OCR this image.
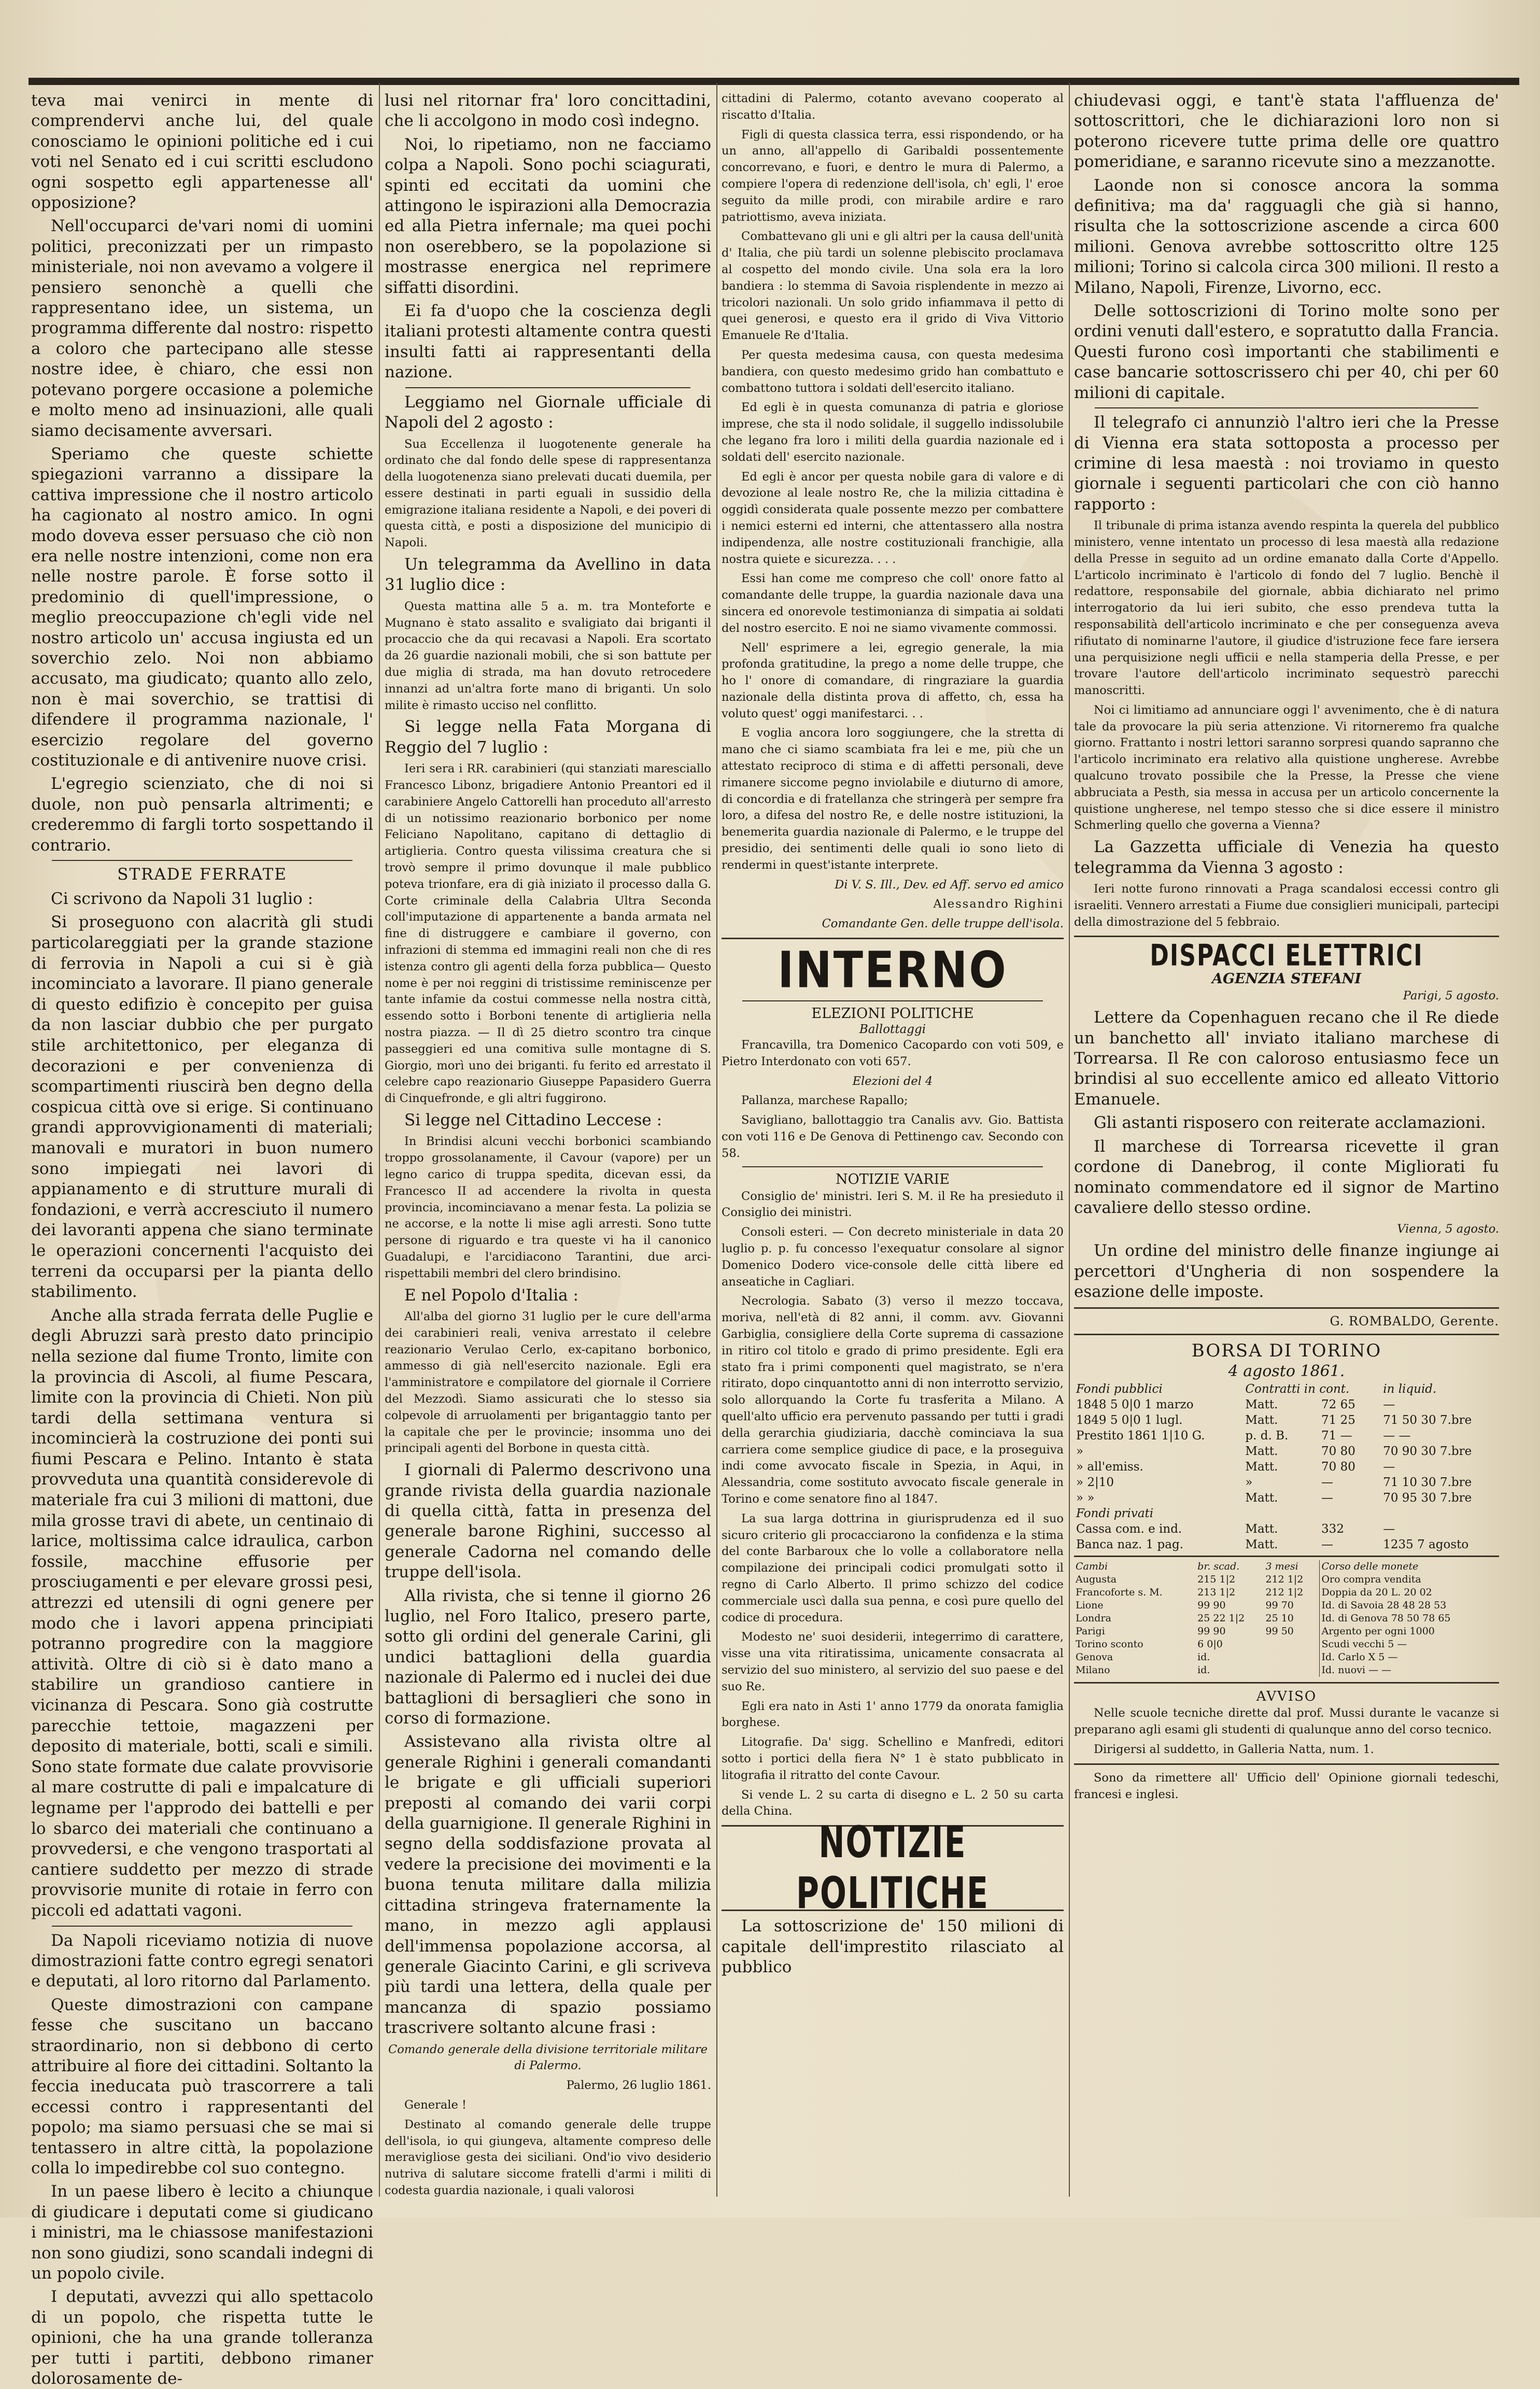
teva mai venirci in mente di comprendervi anche lui, del quale conosciamo le opinioni politiche ed i cui voti nel Senato ed i cui scritti escludono ogni sospetto egli appartenesse all' opposizione?

Nell'occuparci de'vari nomi di uomini politici, preconizzati per un rimpasto ministeriale, noi non avevamo a volgere il pensiero senonchè a quelli che rappresentano idee, un sistema, un programma differente dal nostro: rispetto a coloro che partecipano alle stesse nostre idee, è chiaro, che essi non potevano porgere occasione a polemiche e molto meno ad insinuazioni, alle quali siamo decisamente avversari.

Speriamo che queste schiette spiegazioni varranno a dissipare la cattiva impressione che il nostro articolo ha cagionato al nostro amico. In ogni modo doveva esser persuaso che ciò non era nelle nostre intenzioni, come non era nelle nostre parole. È forse sotto il predominio di quell'impressione, o meglio preoccupazione ch'egli vide nel nostro articolo un' accusa ingiusta ed un soverchio zelo. Noi non abbiamo accusato, ma giudicato; quanto allo zelo, non è mai soverchio, se trattisi di difendere il programma nazionale, l' esercizio regolare del governo costituzionale e di antivenire nuove crisi.

L'egregio scienziato, che di noi si duole, non può pensarla altrimenti; e crederemmo di fargli torto sospettando il contrario.

STRADE FERRATE

Ci scrivono da Napoli 31 luglio :

Si proseguono con alacrità gli studi particolareggiati per la grande stazione di ferrovia in Napoli a cui si è già incominciato a lavorare. Il piano generale di questo edifizio è concepito per guisa da non lasciar dubbio che per purgato stile architettonico, per eleganza di decorazioni e per convenienza di scompartimenti riuscirà ben degno della cospicua città ove si erige. Si continuano grandi approvvigionamenti di materiali; manovali e muratori in buon numero sono impiegati nei lavori di appianamento e di strutture murali di fondazioni, e verrà accresciuto il numero dei lavoranti appena che siano terminate le operazioni concernenti l'acquisto dei terreni da occuparsi per la pianta dello stabilimento.

Anche alla strada ferrata delle Puglie e degli Abruzzi sarà presto dato principio nella sezione dal fiume Tronto, limite con la provincia di Ascoli, al fiume Pescara, limite con la provincia di Chieti. Non più tardi della settimana ventura si incomincierà la costruzione dei ponti sui fiumi Pescara e Pelino. Intanto è stata provveduta una quantità considerevole di materiale fra cui 3 milioni di mattoni, due mila grosse travi di abete, un centinaio di larice, moltissima calce idraulica, carbon fossile, macchine effusorie per prosciugamenti e per elevare grossi pesi, attrezzi ed utensili di ogni genere per modo che i lavori appena principiati potranno progredire con la maggiore attività. Oltre di ciò si è dato mano a stabilire un grandioso cantiere in vicinanza di Pescara. Sono già costrutte parecchie tettoie, magazzeni per deposito di materiale, botti, scali e simili. Sono state formate due calate provvisorie al mare costrutte di pali e impalcature di legname per l'approdo dei battelli e per lo sbarco dei materiali che continuano a provvedersi, e che vengono trasportati al cantiere suddetto per mezzo di strade provvisorie munite di rotaie in ferro con piccoli ed adattati vagoni.

Da Napoli riceviamo notizia di nuove dimostrazioni fatte contro egregi senatori e deputati, al loro ritorno dal Parlamento.

Queste dimostrazioni con campane fesse che suscitano un baccano straordinario, non si debbono di certo attribuire al fiore dei cittadini. Soltanto la feccia ineducata può trascorrere a tali eccessi contro i rappresentanti del popolo; ma siamo persuasi che se mai si tentassero in altre città, la popolazione colla lo impedirebbe col suo contegno.

In un paese libero è lecito a chiunque di giudicare i deputati come si giudicano i ministri, ma le chiassose manifestazioni non sono giudizi, sono scandali indegni di un popolo civile.

I deputati, avvezzi qui allo spettacolo di un popolo, che rispetta tutte le opinioni, che ha una grande tolleranza per tutti i partiti, debbono rimaner dolorosamente de-

lusi nel ritornar fra' loro concittadini, che li accolgono in modo così indegno.

Noi, lo ripetiamo, non ne facciamo colpa a Napoli. Sono pochi sciagurati, spinti ed eccitati da uomini che attingono le ispirazioni alla Democrazia ed alla Pietra infernale; ma quei pochi non oserebbero, se la popolazione si mostrasse energica nel reprimere siffatti disordini.

Ei fa d'uopo che la coscienza degli italiani protesti altamente contra questi insulti fatti ai rappresentanti della nazione.

Leggiamo nel Giornale ufficiale di Napoli del 2 agosto :

Sua Eccellenza il luogotenente generale ha ordinato che dal fondo delle spese di rappresentanza della luogotenenza siano prelevati ducati duemila, per essere destinati in parti eguali in sussidio della emigrazione italiana residente a Napoli, e dei poveri di questa città, e posti a disposizione del municipio di Napoli.

Un telegramma da Avellino in data 31 luglio dice :

Questa mattina alle 5 a. m. tra Monteforte e Mugnano è stato assalito e svaligiato dai briganti il procaccio che da qui recavasi a Napoli. Era scortato da 26 guardie nazionali mobili, che si son battute per due miglia di strada, ma han dovuto retrocedere innanzi ad un'altra forte mano di briganti. Un solo milite è rimasto ucciso nel conflitto.

Si legge nella Fata Morgana di Reggio del 7 luglio :

Ieri sera i RR. carabinieri (qui stanziati maresciallo Francesco Libonz, brigadiere Antonio Preantori ed il carabiniere Angelo Cattorelli han proceduto all'arresto di un notissimo reazionario borbonico per nome Feliciano Napolitano, capitano di dettaglio di artiglieria. Contro questa vilissima creatura che si trovò sempre il primo dovunque il male pubblico poteva trionfare, era di già iniziato il processo dalla G. Corte criminale della Calabria Ultra Seconda coll'imputazione di appartenente a banda armata nel fine di distruggere e cambiare il governo, con infrazioni di stemma ed immagini reali non che di res istenza contro gli agenti della forza pubblica— Questo nome è per noi reggini di tristissime reminiscenze per tante infamie da costui commesse nella nostra città, essendo sotto i Borboni tenente di artiglieria nella nostra piazza. — Il dì 25 dietro scontro tra cinque passeggieri ed una comitiva sulle montagne di S. Giorgio, morì uno dei briganti. fu ferito ed arrestato il celebre capo reazionario Giuseppe Papasidero Guerra di Cinquefronde, e gli altri fuggirono.

Si legge nel Cittadino Leccese :

In Brindisi alcuni vecchi borbonici scambiando troppo grossolanamente, il Cavour (vapore) per un legno carico di truppa spedita, dicevan essi, da Francesco II ad accendere la rivolta in questa provincia, incominciavano a menar festa. La polizia se ne accorse, e la notte li mise agli arresti. Sono tutte persone di riguardo e tra queste vi ha il canonico Guadalupi, e l'arcidiacono Tarantini, due arci-rispettabili membri del clero brindisino.

E nel Popolo d'Italia :

All'alba del giorno 31 luglio per le cure dell'arma dei carabinieri reali, veniva arrestato il celebre reazionario Verulao Cerlo, ex-capitano borbonico, ammesso di già nell'esercito nazionale. Egli era l'amministratore e compilatore del giornale il Corriere del Mezzodì. Siamo assicurati che lo stesso sia colpevole di arruolamenti per brigantaggio tanto per la capitale che per le provincie; insomma uno dei principali agenti del Borbone in questa città.

I giornali di Palermo descrivono una grande rivista della guardia nazionale di quella città, fatta in presenza del generale barone Righini, successo al generale Cadorna nel comando delle truppe dell'isola.

Alla rivista, che si tenne il giorno 26 luglio, nel Foro Italico, presero parte, sotto gli ordini del generale Carini, gli undici battaglioni della guardia nazionale di Palermo ed i nuclei dei due battaglioni di bersaglieri che sono in corso di formazione.

Assistevano alla rivista oltre al generale Righini i generali comandanti le brigate e gli ufficiali superiori preposti al comando dei varii corpi della guarnigione. Il generale Righini in segno della soddisfazione provata al vedere la precisione dei movimenti e la buona tenuta militare dalla milizia cittadina stringeva fraternamente la mano, in mezzo agli applausi dell'immensa popolazione accorsa, al generale Giacinto Carini, e gli scriveva più tardi una lettera, della quale per mancanza di spazio possiamo trascrivere soltanto alcune frasi :

Comando generale della divisione territoriale militare di Palermo.

Palermo, 26 luglio 1861.

Generale !

Destinato al comando generale delle truppe dell'isola, io qui giungeva, altamente compreso delle meravigliose gesta dei siciliani. Ond'io vivo desiderio nutriva di salutare siccome fratelli d'armi i militi di codesta guardia nazionale, i quali valorosi

cittadini di Palermo, cotanto avevano cooperato al riscatto d'Italia.

Figli di questa classica terra, essi rispondendo, or ha un anno, all'appello di Garibaldi possentemente concorrevano, e fuori, e dentro le mura di Palermo, a compiere l'opera di redenzione dell'isola, ch' egli, l' eroe seguito da mille prodi, con mirabile ardire e raro patriottismo, aveva iniziata.

Combattevano gli uni e gli altri per la causa dell'unità d' Italia, che più tardi un solenne plebiscito proclamava al cospetto del mondo civile. Una sola era la loro bandiera : lo stemma di Savoia risplendente in mezzo ai tricolori nazionali. Un solo grido infiammava il petto di quei generosi, e questo era il grido di Viva Vittorio Emanuele Re d'Italia.

Per questa medesima causa, con questa medesima bandiera, con questo medesimo grido han combattuto e combattono tuttora i soldati dell'esercito italiano.

Ed egli è in questa comunanza di patria e gloriose imprese, che sta il nodo solidale, il suggello indissolubile che legano fra loro i militi della guardia nazionale ed i soldati dell' esercito nazionale.

Ed egli è ancor per questa nobile gara di valore e di devozione al leale nostro Re, che la milizia cittadina è oggidì considerata quale possente mezzo per combattere i nemici esterni ed interni, che attentassero alla nostra indipendenza, alle nostre costituzionali franchigie, alla nostra quiete e sicurezza. . . .

Essi han come me compreso che coll' onore fatto al comandante delle truppe, la guardia nazionale dava una sincera ed onorevole testimonianza di simpatia ai soldati del nostro esercito. E noi ne siamo vivamente commossi.

Nell' esprimere a lei, egregio generale, la mia profonda gratitudine, la prego a nome delle truppe, che ho l' onore di comandare, di ringraziare la guardia nazionale della distinta prova di affetto, ch, essa ha voluto quest' oggi manifestarci. . .

E voglia ancora loro soggiungere, che la stretta di mano che ci siamo scambiata fra lei e me, più che un attestato reciproco di stima e di affetti personali, deve rimanere siccome pegno inviolabile e diuturno di amore, di concordia e di fratellanza che stringerà per sempre fra loro, a difesa del nostro Re, e delle nostre istituzioni, la benemerita guardia nazionale di Palermo, e le truppe del presidio, dei sentimenti delle quali io sono lieto di rendermi in quest'istante interprete.

Di V. S. Ill., Dev. ed Aff. servo ed amico

Alessandro Righini

Comandante Gen. delle truppe dell'isola.

INTERNO
ELEZIONI POLITICHE
Ballottaggi

Francavilla, tra Domenico Cacopardo con voti 509, e Pietro Interdonato con voti 657.

Elezioni del 4

Pallanza, marchese Rapallo;

Savigliano, ballottaggio tra Canalis avv. Gio. Battista con voti 116 e De Genova di Pettinengo cav. Secondo con 58.

NOTIZIE VARIE

Consiglio de' ministri. Ieri S. M. il Re ha presieduto il Consiglio dei ministri.

Consoli esteri. — Con decreto ministeriale in data 20 luglio p. p. fu concesso l'exequatur consolare al signor Domenico Dodero vice-console delle città libere ed anseatiche in Cagliari.

Necrologia. Sabato (3) verso il mezzo toccava, moriva, nell'età di 82 anni, il comm. avv. Giovanni Garbiglia, consigliere della Corte suprema di cassazione in ritiro col titolo e grado di primo presidente. Egli era stato fra i primi componenti quel magistrato, se n'era ritirato, dopo cinquantotto anni di non interrotto servizio, solo allorquando la Corte fu trasferita a Milano. A quell'alto ufficio era pervenuto passando per tutti i gradi della gerarchia giudiziaria, dacchè cominciava la sua carriera come semplice giudice di pace, e la proseguiva indi come avvocato fiscale in Spezia, in Aqui, in Alessandria, come sostituto avvocato fiscale generale in Torino e come senatore fino al 1847.

La sua larga dottrina in giurisprudenza ed il suo sicuro criterio gli procacciarono la confidenza e la stima del conte Barbaroux che lo volle a collaboratore nella compilazione dei principali codici promulgati sotto il regno di Carlo Alberto. Il primo schizzo del codice commerciale uscì dalla sua penna, e così pure quello del codice di procedura.

Modesto ne' suoi desiderii, integerrimo di carattere, visse una vita ritiratissima, unicamente consacrata al servizio del suo ministero, al servizio del suo paese e del suo Re.

Egli era nato in Asti 1' anno 1779 da onorata famiglia borghese.

Litografie. Da' sigg. Schellino e Manfredi, editori sotto i portici della fiera N° 1 è stato pubblicato in litografia il ritratto del conte Cavour.

Si vende L. 2 su carta di disegno e L. 2 50 su carta della China.

NOTIZIE POLITICHE

La sottoscrizione de' 150 milioni di capitale dell'imprestito rilasciato al pubblico

chiudevasi oggi, e tant'è stata l'affluenza de' sottoscrittori, che le dichiarazioni loro non si poterono ricevere tutte prima delle ore quattro pomeridiane, e saranno ricevute sino a mezzanotte.

Laonde non si conosce ancora la somma definitiva; ma da' ragguagli che già si hanno, risulta che la sottoscrizione ascende a circa 600 milioni. Genova avrebbe sottoscritto oltre 125 milioni; Torino si calcola circa 300 milioni. Il resto a Milano, Napoli, Firenze, Livorno, ecc.

Delle sottoscrizioni di Torino molte sono per ordini venuti dall'estero, e sopratutto dalla Francia. Questi furono così importanti che stabilimenti e case bancarie sottoscrissero chi per 40, chi per 60 milioni di capitale.

Il telegrafo ci annunziò l'altro ieri che la Presse di Vienna era stata sottoposta a processo per crimine di lesa maestà : noi troviamo in questo giornale i seguenti particolari che con ciò hanno rapporto :

Il tribunale di prima istanza avendo respinta la querela del pubblico ministero, venne intentato un processo di lesa maestà alla redazione della Presse in seguito ad un ordine emanato dalla Corte d'Appello. L'articolo incriminato è l'articolo di fondo del 7 luglio. Benchè il redattore, responsabile del giornale, abbia dichiarato nel primo interrogatorio da lui ieri subito, che esso prendeva tutta la responsabilità dell'articolo incriminato e che per conseguenza aveva rifiutato di nominarne l'autore, il giudice d'istruzione fece fare iersera una perquisizione negli ufficii e nella stamperia della Presse, e per trovare l'autore dell'articolo incriminato sequestrò parecchi manoscritti.

Noi ci limitiamo ad annunciare oggi l' avvenimento, che è di natura tale da provocare la più seria attenzione. Vi ritorneremo fra qualche giorno. Frattanto i nostri lettori saranno sorpresi quando sapranno che l'articolo incriminato era relativo alla quistione ungherese. Avrebbe qualcuno trovato possibile che la Presse, la Presse che viene abbruciata a Pesth, sia messa in accusa per un articolo concernente la quistione ungherese, nel tempo stesso che si dice essere il ministro Schmerling quello che governa a Vienna?

La Gazzetta ufficiale di Venezia ha questo telegramma da Vienna 3 agosto :

Ieri notte furono rinnovati a Praga scandalosi eccessi contro gli israeliti. Vennero arrestati a Fiume due consiglieri municipali, partecipi della dimostrazione del 5 febbraio.

DISPACCI ELETTRICI
AGENZIA STEFANI

Parigi, 5 agosto.

Lettere da Copenhaguen recano che il Re diede un banchetto all' inviato italiano marchese di Torrearsa. Il Re con caloroso entusiasmo fece un brindisi al suo eccellente amico ed alleato Vittorio Emanuele.

Gli astanti risposero con reiterate acclamazioni.

Il marchese di Torrearsa ricevette il gran cordone di Danebrog, il conte Migliorati fu nominato commendatore ed il signor de Martino cavaliere dello stesso ordine.

Vienna, 5 agosto.

Un ordine del ministro delle finanze ingiunge ai percettori d'Ungheria di non sospendere la esazione delle imposte.

G. ROMBALDO, Gerente.
BORSA DI TORINO
4 agosto 1861.
Fondi pubblici	Contratti in cont.		in liquid.
1848 5 0|0 1 marzo	Matt.	72 65	—
1849 5 0|0 1 lugl.	Matt.	71 25	71 50 30 7.bre
Prestito 1861 1|10 G.	p. d. B.	71 —	— —
»	Matt.	70 80	70 90 30 7.bre
» all'emiss.	Matt.	70 80	—
» 2|10	»	—	71 10 30 7.bre
» »	Matt.	—	70 95 30 7.bre
Fondi privati			
Cassa com. e ind.	Matt.	332	—
Banca naz. 1 pag.	Matt.	—	1235 7 agosto
Cambi	br. scad.	3 mesi	Corso delle monete
Augusta	215 1|2	212 1|2	Oro compra vendita
Francoforte s. M.	213 1|2	212 1|2	Doppia da 20 L. 20 02
Lione	99 90	99 70	Id. di Savoia 28 48 28 53
Londra	25 22 1|2	25 10	Id. di Genova 78 50 78 65
Parigi	99 90	99 50	Argento per ogni 1000
Torino sconto	6 0|0		Scudi vecchi 5 —
Genova	id.		Id. Carlo X 5 —
Milano	id.		Id. nuovi — —
AVVISO

Nelle scuole tecniche dirette dal prof. Mussi durante le vacanze si preparano agli esami gli studenti di qualunque anno del corso tecnico.

Dirigersi al suddetto, in Galleria Natta, num. 1.

Sono da rimettere all' Ufficio dell' Opinione giornali tedeschi, francesi e inglesi.
